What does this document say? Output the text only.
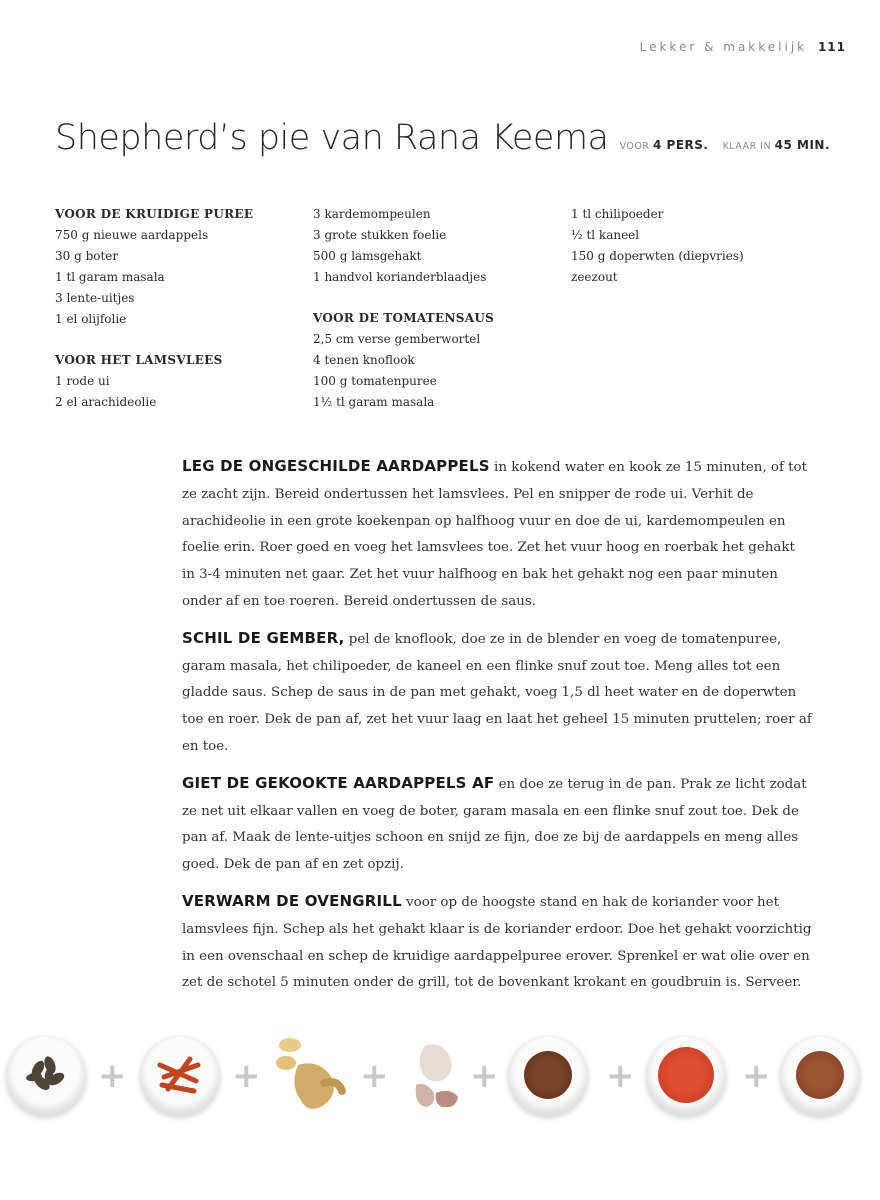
Lekker & makkelijk 111
Shepherd’s pie van Rana Keema VOOR 4 PERS. KLAAR IN 45 MIN.
VOOR DE KRUIDIGE PUREE
750 g nieuwe aardappels
30 g boter
1 tl garam masala
3 lente-uitjes
1 el olijfolie
VOOR HET LAMSVLEES
1 rode ui
2 el arachideolie
3 kardemompeulen
3 grote stukken foelie
500 g lamsgehakt
1 handvol korianderblaadjes
VOOR DE TOMATENSAUS
2,5 cm verse gemberwortel
4 tenen knoflook
100 g tomatenpuree
1½ tl garam masala
1 tl chilipoeder
½ tl kaneel
150 g doperwten (diepvries)
zeezout

LEG DE ONGESCHILDE AARDAPPELS in kokend water en kook ze 15 minuten, of tot ze zacht zijn. Bereid ondertussen het lamsvlees. Pel en snipper de rode ui. Verhit de arachideolie in een grote koekenpan op halfhoog vuur en doe de ui, kardemompeulen en foelie erin. Roer goed en voeg het lamsvlees toe. Zet het vuur hoog en roerbak het gehakt in 3-4 minuten net gaar. Zet het vuur halfhoog en bak het gehakt nog een paar minuten onder af en toe roeren. Bereid ondertussen de saus.

SCHIL DE GEMBER, pel de knoflook, doe ze in de blender en voeg de tomatenpuree, garam masala, het chilipoeder, de kaneel en een flinke snuf zout toe. Meng alles tot een gladde saus. Schep de saus in de pan met gehakt, voeg 1,5 dl heet water en de doperwten toe en roer. Dek de pan af, zet het vuur laag en laat het geheel 15 minuten pruttelen; roer af en toe.

GIET DE GEKOOKTE AARDAPPELS AF en doe ze terug in de pan. Prak ze licht zodat ze net uit elkaar vallen en voeg de boter, garam masala en een flinke snuf zout toe. Dek de pan af. Maak de lente-uitjes schoon en snijd ze fijn, doe ze bij de aardappels en meng alles goed. Dek de pan af en zet opzij.

VERWARM DE OVENGRILL voor op de hoogste stand en hak de koriander voor het lamsvlees fijn. Schep als het gehakt klaar is de koriander erdoor. Doe het gehakt voorzichtig in een ovenschaal en schep de kruidige aardappelpuree erover. Sprenkel er wat olie over en zet de schotel 5 minuten onder de grill, tot de bovenkant krokant en goudbruin is. Serveer.

+	+	+ +	+	+
